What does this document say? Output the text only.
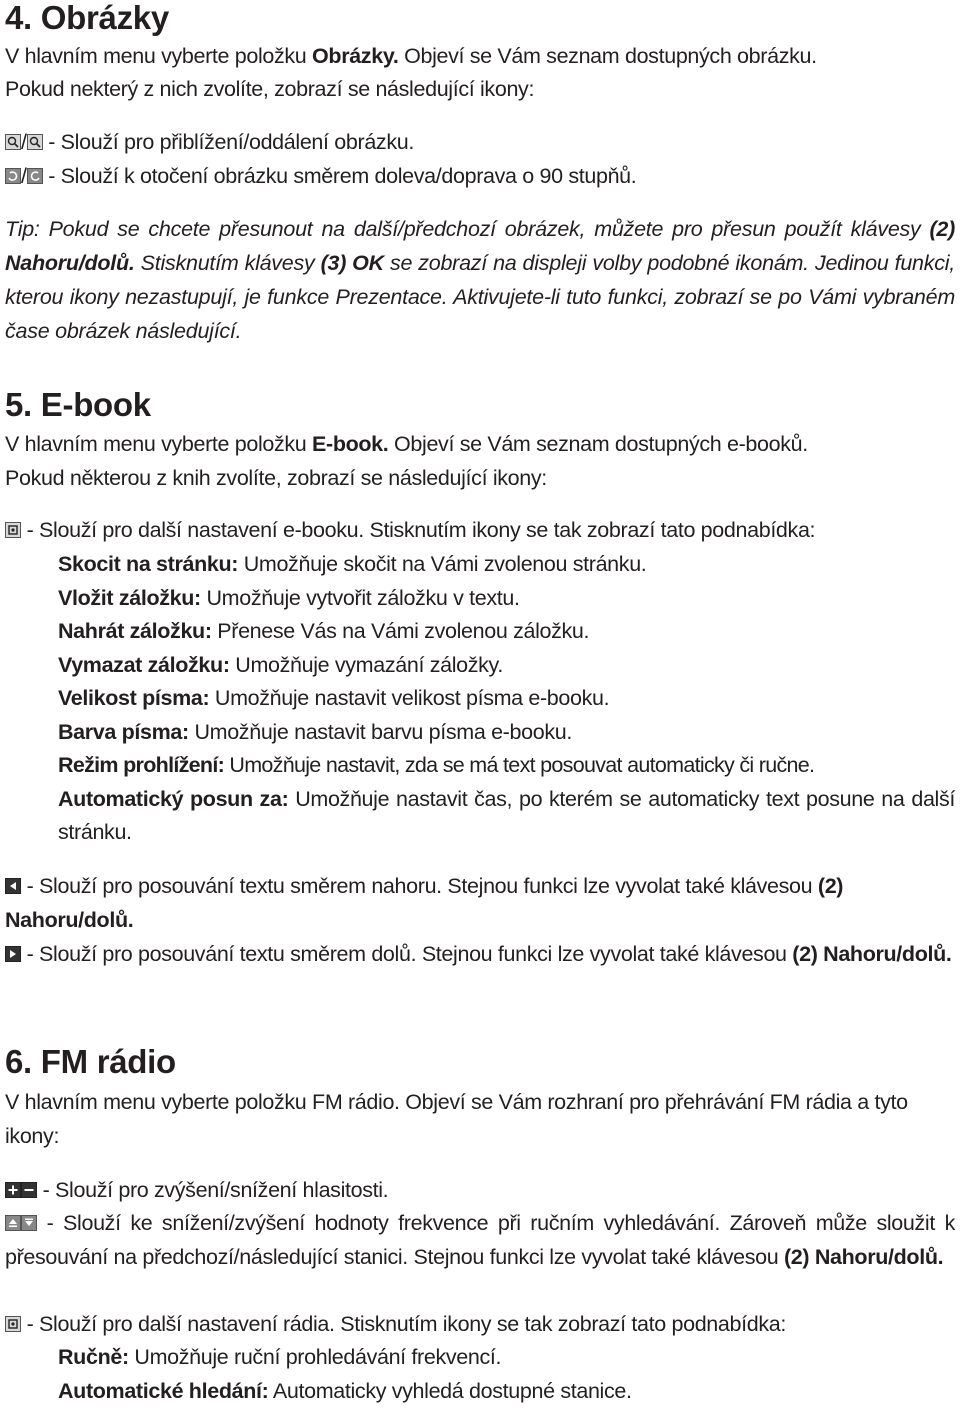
4. Obrázky

V hlavním menu vyberte položku Obrázky. Objeví se Vám seznam dostupných obrázku.

Pokud nekterý z nich zvolíte, zobrazí se následující ikony:

/ - Slouží pro přiblížení/oddálení obrázku.

/ - Slouží k otočení obrázku směrem doleva/doprava o 90 stupňů.

Tip: Pokud se chcete přesunout na další/předchozí obrázek, můžete pro přesun použít klávesy (2) Nahoru/dolů. Stisknutím klávesy (3) OK se zobrazí na displeji volby podobné ikonám. Jedinou funkci, kterou ikony nezastupují, je funkce Prezentace. Aktivujete-li tuto funkci, zobrazí se po Vámi vybraném čase obrázek následující.

5. E-book

V hlavním menu vyberte položku E-book. Objeví se Vám seznam dostupných e-booků.

Pokud některou z knih zvolíte, zobrazí se následující ikony:

- Slouží pro další nastavení e-booku. Stisknutím ikony se tak zobrazí tato podnabídka:

Skocit na stránku: Umožňuje skočit na Vámi zvolenou stránku.
Vložit záložku: Umožňuje vytvořit záložku v textu.
Nahrát záložku: Přenese Vás na Vámi zvolenou záložku.
Vymazat záložku: Umožňuje vymazání záložky.
Velikost písma: Umožňuje nastavit velikost písma e-booku.
Barva písma: Umožňuje nastavit barvu písma e-booku.
Režim prohlížení: Umožňuje nastavit, zda se má text posouvat automaticky či ručne.
Automatický posun za: Umožňuje nastavit čas, po kterém se automaticky text posune na další stránku.

- Slouží pro posouvání textu směrem nahoru. Stejnou funkci lze vyvolat také klávesou (2) Nahoru/dolů.

- Slouží pro posouvání textu směrem dolů. Stejnou funkci lze vyvolat také klávesou (2) Nahoru/dolů.

6. FM rádio

V hlavním menu vyberte položku FM rádio. Objeví se Vám rozhraní pro přehrávání FM rádia a tyto ikony:

- Slouží pro zvýšení/snížení hlasitosti.

- Slouží ke snížení/zvýšení hodnoty frekvence při ručním vyhledávání. Zároveň může sloužit k přesouvání na předchozí/následující stanici. Stejnou funkci lze vyvolat také klávesou (2) Nahoru/dolů.

- Slouží pro další nastavení rádia. Stisknutím ikony se tak zobrazí tato podnabídka:

Ručně: Umožňuje ruční prohledávání frekvencí.
Automatické hledání: Automaticky vyhledá dostupné stanice.
